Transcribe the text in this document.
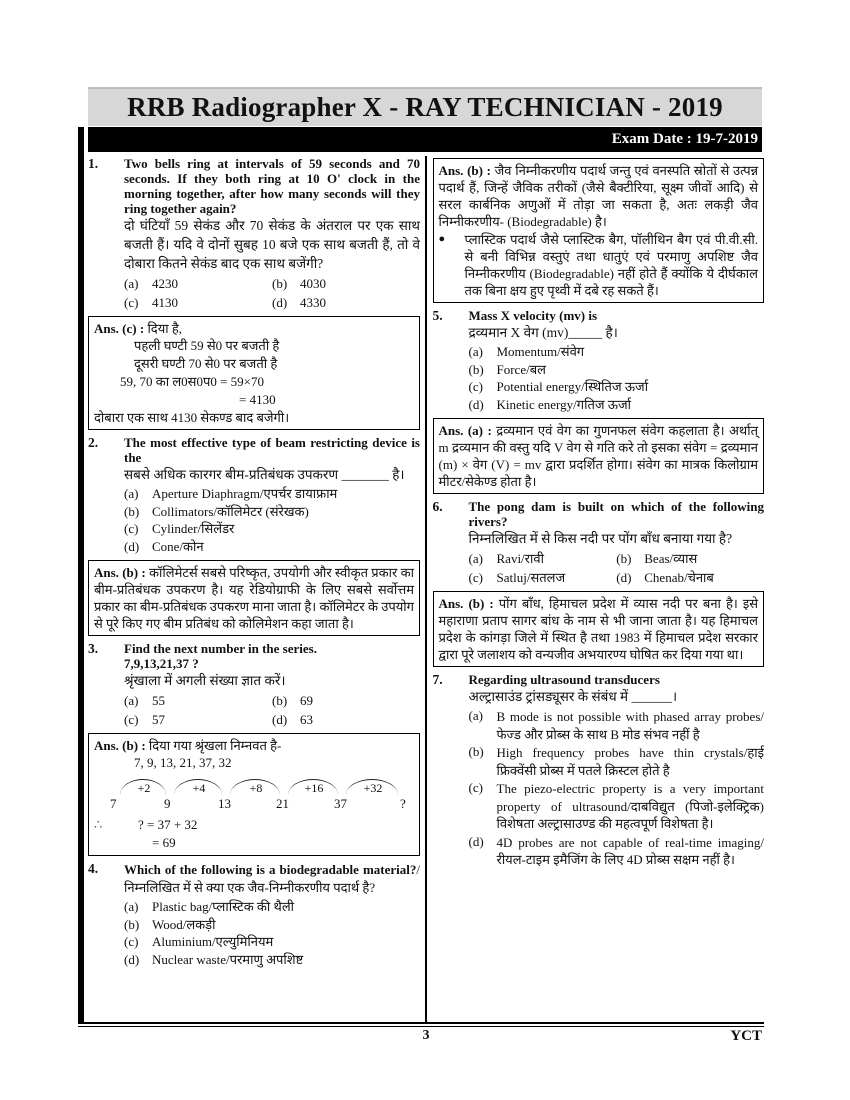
RRB Radiographer X - RAY TECHNICIAN - 2019
Exam Date : 19-7-2019
1.	Two bells ring at intervals of 59 seconds and 70 seconds. If they both ring at 10 O' clock in the morning together, after how many seconds will they ring together again?
दो घंटियाँ 59 सेकंड और 70 सेकंड के अंतराल पर एक साथ बजती हैं। यदि वे दोनों सुबह 10 बजे एक साथ बजती हैं, तो वे दोबारा कितने सेकंड बाद एक साथ बजेंगी?
(a)	4230	(b) 4030
(c)	4130	(d) 4330
Ans. (c) : दिया है,
पहली घण्टी 59 से0 पर बजती है
दूसरी घण्टी 70 से0 पर बजती है
59, 70 का ल0स0प0 = 59×70
= 4130
दोबारा एक साथ 4130 सेकण्ड बाद बजेगी।
2.	The most effective type of beam restricting device is the
सबसे अधिक कारगर बीम-प्रतिबंधक उपकरण _______ है।
(a)	Aperture Diaphragm/एपर्चर डायाफ्राम
(b) Collimators/कॉलिमेटर (संरेखक)
(c)	Cylinder/सिलेंडर
(d) Cone/कोन
Ans. (b) : कॉलिमेटर्स सबसे परिष्कृत, उपयोगी और स्वीकृत प्रकार का बीम-प्रतिबंधक उपकरण है। यह रेडियोग्राफी के लिए सबसे सर्वोत्तम प्रकार का बीम-प्रतिबंधक उपकरण माना जाता है। कॉलिमेटर के उपयोग से पूरे किए गए बीम प्रतिबंध को कोलिमेशन कहा जाता है।
3.	Find the next number in the series.
7,9,13,21,37 ?
श्रृंखाला में अगली संख्या ज्ञात करें।
(a)	55	(b) 69
(c)	57	(d) 63
Ans. (b) : दिया गया श्रृंखला निम्नवत है-
7, 9, 13, 21, 37, 32
+2	+4	+8	+16	+32
7	9	13	21	37	?
∴	? = 37 + 32
= 69
4.	Which of the following is a biodegradable material?/निम्नलिखित में से क्या एक जैव-निम्नीकरणीय पदार्थ है?
(a)	Plastic bag/प्लास्टिक की थैली
(b) Wood/लकड़ी
(c)	Aluminium/एल्युमिनियम
(d) Nuclear waste/परमाणु अपशिष्ट
Ans. (b) : जैव निम्नीकरणीय पदार्थ जन्तु एवं वनस्पति स्रोतों से उत्पन्न पदार्थ हैं, जिन्हें जैविक तरीकों (जैसे बैक्टीरिया, सूक्ष्म जीवों आदि) से सरल कार्बनिक अणुओं में तोड़ा जा सकता है, अतः लकड़ी जैव निम्नीकरणीय- (Biodegradable) है।
●	प्लास्टिक पदार्थ जैसे प्लास्टिक बैग, पॉलीथिन बैग एवं पी.वी.सी. से बनी विभिन्न वस्तुएं तथा धातुएं एवं परमाणु अपशिष्ट जैव निम्नीकरणीय (Biodegradable) नहीं होते हैं क्योंकि ये दीर्घकाल तक बिना क्षय हुए पृथ्वी में दबे रह सकते हैं।
5.	Mass X velocity (mv) is
द्रव्यमान X वेग (mv)_____ है।
(a)	Momentum/संवेग
(b) Force/बल
(c)	Potential energy/स्थितिज ऊर्जा
(d) Kinetic energy/गतिज ऊर्जा
Ans. (a) : द्रव्यमान एवं वेग का गुणनफल संवेग कहलाता है। अर्थात् m द्रव्यमान की वस्तु यदि V वेग से गति करे तो इसका संवेग = द्रव्यमान (m) × वेग (V) = mv द्वारा प्रदर्शित होगा। संवेग का मात्रक किलोग्राम मीटर/सेकेण्ड होता है।
6.	The pong dam is built on which of the following rivers?
निम्नलिखित में से किस नदी पर पोंग बाँध बनाया गया है?
(a)	Ravi/रावी	(b) Beas/व्यास
(c)	Satluj/सतलज	(d) Chenab/चेनाब
Ans. (b) : पोंग बाँध, हिमाचल प्रदेश में व्यास नदी पर बना है। इसे महाराणा प्रताप सागर बांध के नाम से भी जाना जाता है। यह हिमाचल प्रदेश के कांगड़ा जिले में स्थित है तथा 1983 में हिमाचल प्रदेश सरकार द्वारा पूरे जलाशय को वन्यजीव अभयारण्य घोषित कर दिया गया था।
7.	Regarding ultrasound transducers
अल्ट्रासाउंड ट्रांसड्यूसर के संबंध में ______।
(a)	B mode is not possible with phased array probes/फेज्ड और प्रोब्स के साथ B मोड संभव नहीं है
(b) High frequency probes have thin crystals/हाई फ्रिक्वेंसी प्रोब्स में पतले क्रिस्टल होते है
(c)	The piezo-electric property is a very important property of ultrasound/दाबविद्युत (पिजो-इलेक्ट्रिक) विशेषता अल्ट्रासाउण्ड की महत्वपूर्ण विशेषता है।
(d) 4D probes are not capable of real-time imaging/रीयल-टाइम इमैजिंग के लिए 4D प्रोब्स सक्षम नहीं है।
3	YCT
